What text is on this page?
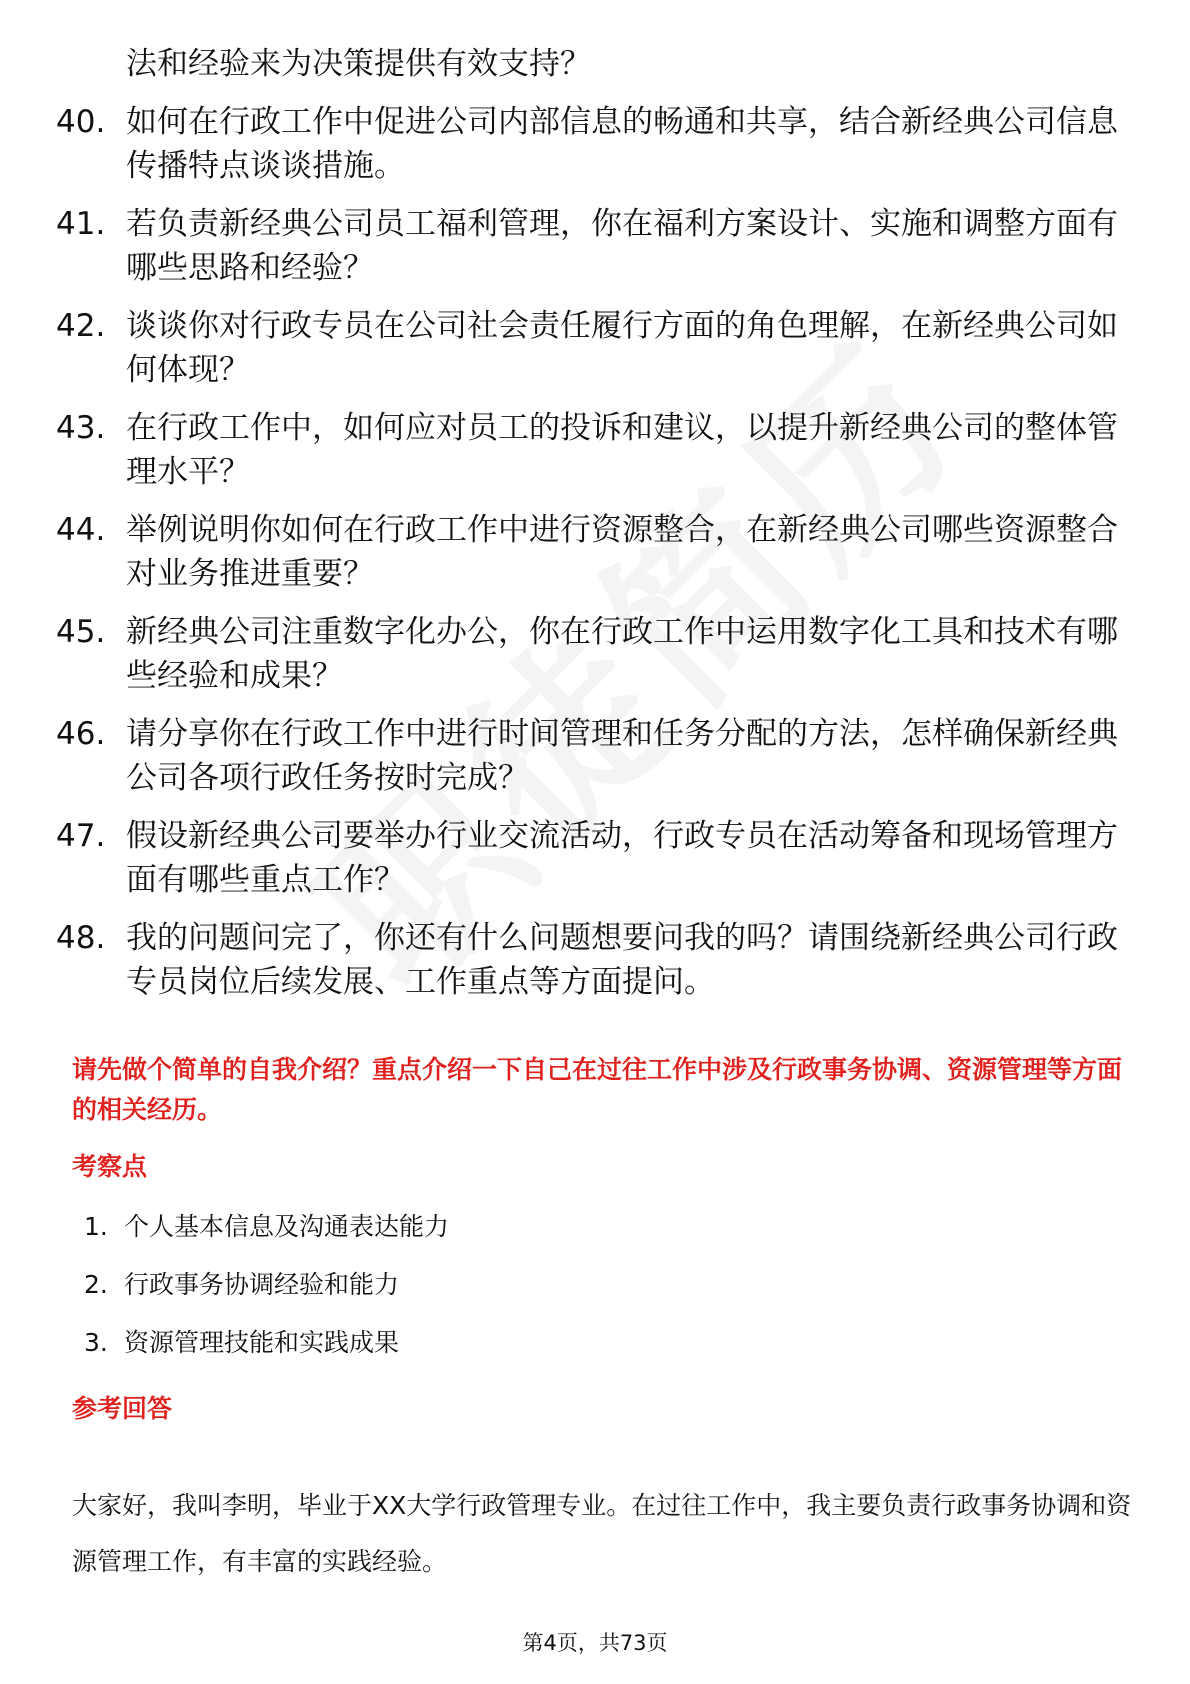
法和经验来为决策提供有效支持？
40. 如何在行政工作中促进公司内部信息的畅通和共享，结合新经典公司信息传播特点谈谈措施。
41. 若负责新经典公司员工福利管理，你在福利方案设计、实施和调整方面有哪些思路和经验？
42. 谈谈你对行政专员在公司社会责任履行方面的角色理解，在新经典公司如何体现？
43. 在行政工作中，如何应对员工的投诉和建议，以提升新经典公司的整体管理水平？
44. 举例说明你如何在行政工作中进行资源整合，在新经典公司哪些资源整合对业务推进重要？
45. 新经典公司注重数字化办公，你在行政工作中运用数字化工具和技术有哪些经验和成果？
46. 请分享你在行政工作中进行时间管理和任务分配的方法，怎样确保新经典公司各项行政任务按时完成？
47. 假设新经典公司要举办行业交流活动，行政专员在活动筹备和现场管理方面有哪些重点工作？
48. 我的问题问完了，你还有什么问题想要问我的吗？请围绕新经典公司行政专员岗位后续发展、工作重点等方面提问。
请先做个简单的自我介绍？重点介绍一下自己在过往工作中涉及行政事务协调、资源管理等方面的相关经历。
考察点
1. 个人基本信息及沟通表达能力
2. 行政事务协调经验和能力
3. 资源管理技能和实践成果
参考回答
大家好，我叫李明，毕业于XX大学行政管理专业。在过往工作中，我主要负责行政事务协调和资源管理工作，有丰富的实践经验。
第4页，共73页
